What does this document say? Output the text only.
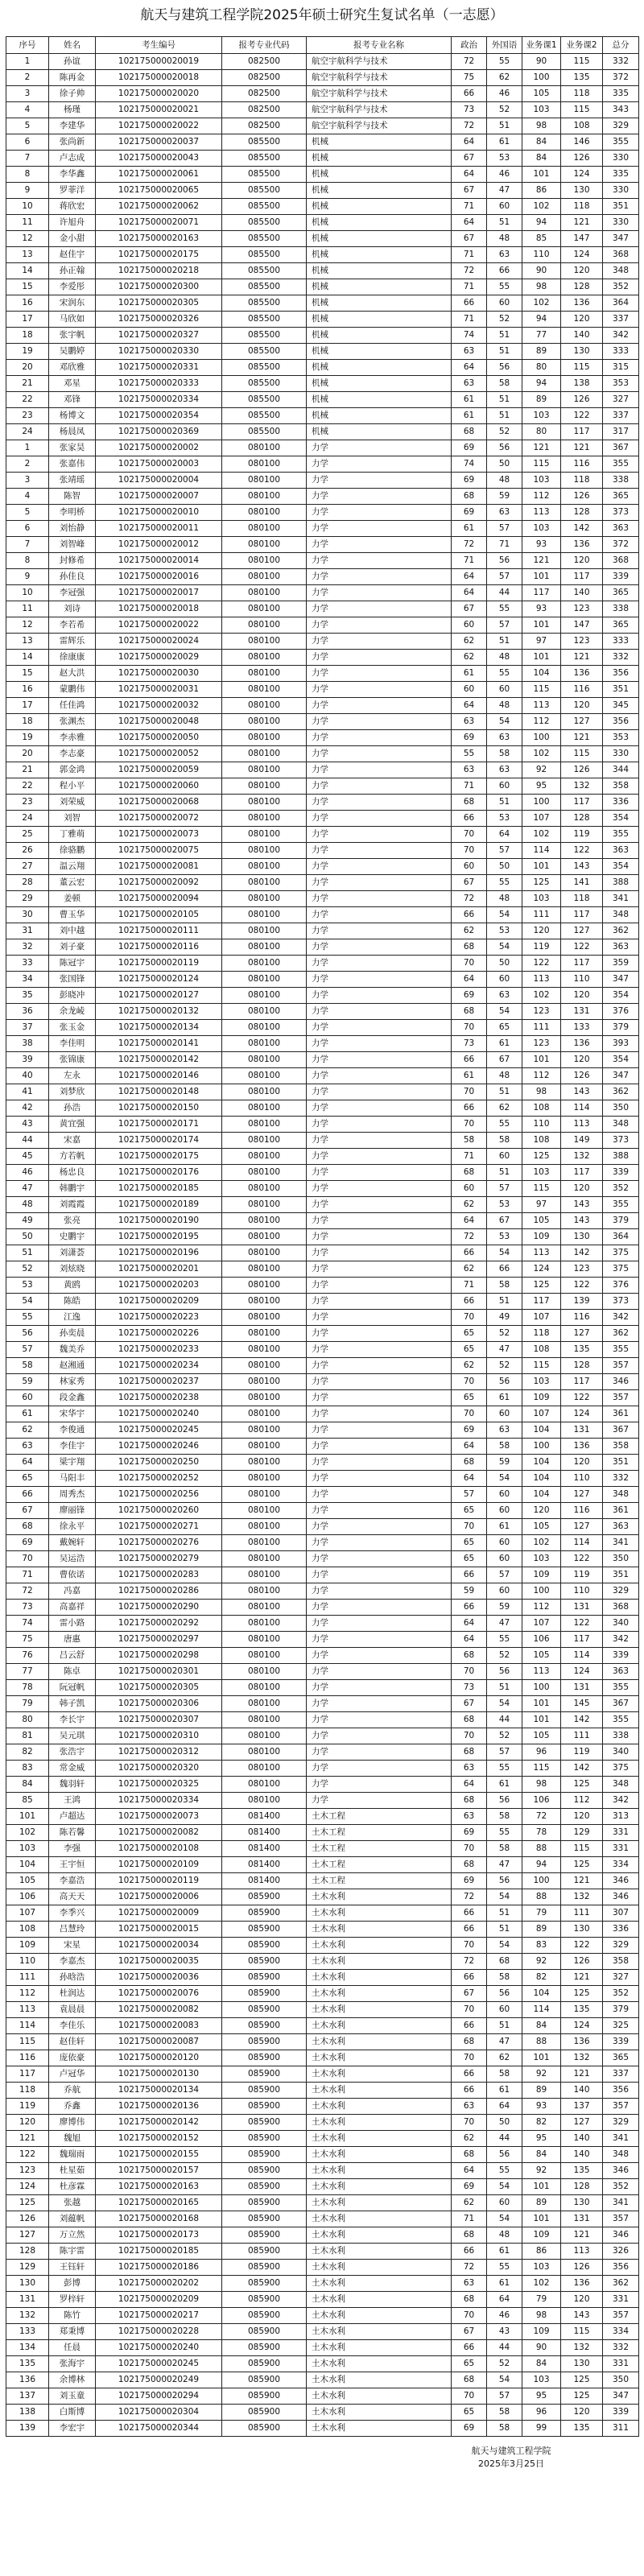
航天与建筑工程学院2025年硕士研究生复试名单（一志愿）
序号	姓名	考生编号	报考专业代码	报考专业名称	政治	外国语	业务课1	业务课2	总分
1	孙谊	102175000020019	082500	航空宇航科学与技术	72	55	90	115	332
2	陈再金	102175000020018	082500	航空宇航科学与技术	75	62	100	135	372
3	徐子帅	102175000020020	082500	航空宇航科学与技术	66	46	105	118	335
4	杨瑾	102175000020021	082500	航空宇航科学与技术	73	52	103	115	343
5	李建华	102175000020022	082500	航空宇航科学与技术	72	51	98	108	329
6	张尚新	102175000020037	085500	机械	64	61	84	146	355
7	卢志成	102175000020043	085500	机械	67	53	84	126	330
8	李华鑫	102175000020061	085500	机械	64	46	101	124	335
9	罗菲洋	102175000020065	085500	机械	67	47	86	130	330
10	蒋欣宏	102175000020062	085500	机械	71	60	102	118	351
11	许旭舟	102175000020071	085500	机械	64	51	94	121	330
12	金小甜	102175000020163	085500	机械	67	48	85	147	347
13	赵佳宇	102175000020175	085500	机械	71	63	110	124	368
14	孙正翰	102175000020218	085500	机械	72	66	90	120	348
15	李爱彤	102175000020300	085500	机械	71	55	98	128	352
16	宋润东	102175000020305	085500	机械	66	60	102	136	364
17	马欣如	102175000020326	085500	机械	71	52	94	120	337
18	张宇帆	102175000020327	085500	机械	74	51	77	140	342
19	吴鹏婷	102175000020330	085500	机械	63	51	89	130	333
20	邓欣雅	102175000020331	085500	机械	64	56	80	115	315
21	邓星	102175000020333	085500	机械	63	58	94	138	353
22	邓锋	102175000020334	085500	机械	61	51	89	126	327
23	杨博文	102175000020354	085500	机械	61	51	103	122	337
24	杨晨凤	102175000020369	085500	机械	68	52	80	117	317
1	张家昊	102175000020002	080100	力学	69	56	121	121	367
2	张嘉伟	102175000020003	080100	力学	74	50	115	116	355
3	张靖瑶	102175000020004	080100	力学	69	48	103	118	338
4	陈智	102175000020007	080100	力学	68	59	112	126	365
5	李明桥	102175000020010	080100	力学	69	63	113	128	373
6	刘怡静	102175000020011	080100	力学	61	57	103	142	363
7	刘智峰	102175000020012	080100	力学	72	71	93	136	372
8	封修希	102175000020014	080100	力学	71	56	121	120	368
9	孙佳良	102175000020016	080100	力学	64	57	101	117	339
10	李冠强	102175000020017	080100	力学	64	44	117	140	365
11	刘诗	102175000020018	080100	力学	67	55	93	123	338
12	李若希	102175000020022	080100	力学	60	57	101	147	365
13	雷辉乐	102175000020024	080100	力学	62	51	97	123	333
14	徐康康	102175000020029	080100	力学	62	48	101	121	332
15	赵大洪	102175000020030	080100	力学	61	55	104	136	356
16	蒙鹏伟	102175000020031	080100	力学	60	60	115	116	351
17	任佳鸿	102175000020032	080100	力学	64	48	113	120	345
18	张渊杰	102175000020048	080100	力学	63	54	112	127	356
19	李赤雅	102175000020050	080100	力学	69	63	100	121	353
20	李志豪	102175000020052	080100	力学	55	58	102	115	330
21	郭金鸿	102175000020059	080100	力学	63	63	92	126	344
22	程小平	102175000020060	080100	力学	71	60	95	132	358
23	刘荣威	102175000020068	080100	力学	68	51	100	117	336
24	刘智	102175000020072	080100	力学	66	53	107	128	354
25	丁雅萌	102175000020073	080100	力学	70	64	102	119	355
26	徐骆鹏	102175000020075	080100	力学	70	57	114	122	363
27	温云翔	102175000020081	080100	力学	60	50	101	143	354
28	董云宏	102175000020092	080100	力学	67	55	125	141	388
29	姜顿	102175000020094	080100	力学	72	48	103	118	341
30	曹玉华	102175000020105	080100	力学	66	54	111	117	348
31	刘中越	102175000020111	080100	力学	62	53	120	127	362
32	刘子豪	102175000020116	080100	力学	68	54	119	122	363
33	陈冠宇	102175000020119	080100	力学	70	50	122	117	359
34	张国锋	102175000020124	080100	力学	64	60	113	110	347
35	彭晓冲	102175000020127	080100	力学	69	63	102	120	354
36	余龙崚	102175000020132	080100	力学	68	54	123	131	376
37	张玉金	102175000020134	080100	力学	70	65	111	133	379
38	李佳明	102175000020141	080100	力学	73	61	123	136	393
39	张锦康	102175000020142	080100	力学	66	67	101	120	354
40	左永	102175000020146	080100	力学	61	48	112	126	347
41	刘梦欣	102175000020148	080100	力学	70	51	98	143	362
42	孙浩	102175000020150	080100	力学	66	62	108	114	350
43	黄宜强	102175000020171	080100	力学	70	55	110	113	348
44	宋嘉	102175000020174	080100	力学	58	58	108	149	373
45	方若帆	102175000020175	080100	力学	71	60	125	132	388
46	杨忠良	102175000020176	080100	力学	68	51	103	117	339
47	韩鹏宇	102175000020185	080100	力学	60	57	115	120	352
48	刘霞霞	102175000020189	080100	力学	62	53	97	143	355
49	张亮	102175000020190	080100	力学	64	67	105	143	379
50	史鹏宇	102175000020195	080100	力学	72	53	109	130	364
51	刘潇荟	102175000020196	080100	力学	66	54	113	142	375
52	刘炫晓	102175000020201	080100	力学	62	66	124	123	375
53	黄鸥	102175000020203	080100	力学	71	58	125	122	376
54	陈皓	102175000020209	080100	力学	66	51	117	139	373
55	江逸	102175000020223	080100	力学	70	49	107	116	342
56	孙奕晨	102175000020226	080100	力学	65	52	118	127	362
57	魏美乔	102175000020233	080100	力学	65	47	108	135	355
58	赵湘通	102175000020234	080100	力学	62	52	115	128	357
59	林家秀	102175000020237	080100	力学	70	56	103	117	346
60	段金鑫	102175000020238	080100	力学	65	61	109	122	357
61	宋华宇	102175000020240	080100	力学	70	60	107	124	361
62	李俊通	102175000020245	080100	力学	69	63	104	131	367
63	李佳宇	102175000020246	080100	力学	64	58	100	136	358
64	梁宇翔	102175000020250	080100	力学	68	59	104	120	351
65	马阳丰	102175000020252	080100	力学	64	54	104	110	332
66	周秀杰	102175000020256	080100	力学	57	60	104	127	348
67	廖丽锋	102175000020260	080100	力学	65	60	120	116	361
68	徐永平	102175000020271	080100	力学	70	61	105	127	363
69	戴婉轩	102175000020276	080100	力学	65	60	102	114	341
70	吴运浩	102175000020279	080100	力学	65	60	103	122	350
71	曹依诺	102175000020283	080100	力学	66	57	109	119	351
72	冯嘉	102175000020286	080100	力学	59	60	100	110	329
73	高嘉祥	102175000020290	080100	力学	66	59	112	131	368
74	雷小路	102175000020292	080100	力学	64	47	107	122	340
75	唐惠	102175000020297	080100	力学	64	55	106	117	342
76	吕云舒	102175000020298	080100	力学	68	52	105	114	339
77	陈卓	102175000020301	080100	力学	70	56	113	124	363
78	阮冠帆	102175000020305	080100	力学	73	51	100	131	355
79	韩子凯	102175000020306	080100	力学	67	54	101	145	367
80	李长宇	102175000020307	080100	力学	68	44	101	142	355
81	吴元琪	102175000020310	080100	力学	70	52	105	111	338
82	张浩宇	102175000020312	080100	力学	68	57	96	119	340
83	常金威	102175000020320	080100	力学	63	55	115	142	375
84	魏羽轩	102175000020325	080100	力学	64	61	98	125	348
85	王鸿	102175000020334	080100	力学	68	56	106	112	342
101	卢超达	102175000020073	081400	土木工程	63	58	72	120	313
102	陈若馨	102175000020082	081400	土木工程	69	55	78	129	331
103	李强	102175000020108	081400	土木工程	70	58	88	115	331
104	王宇恒	102175000020109	081400	土木工程	68	47	94	125	334
105	李嘉浩	102175000020119	081400	土木工程	69	56	100	121	346
106	高天天	102175000020006	085900	土木水利	72	54	88	132	346
107	李季兴	102175000020009	085900	土木水利	66	51	79	111	307
108	吕慧玲	102175000020015	085900	土木水利	66	51	89	130	336
109	宋星	102175000020034	085900	土木水利	70	54	83	122	329
110	李嘉杰	102175000020035	085900	土木水利	72	68	92	126	358
111	孙晗浩	102175000020036	085900	土木水利	66	58	82	121	327
112	杜润达	102175000020076	085900	土木水利	67	56	104	125	352
113	袁晨晨	102175000020082	085900	土木水利	70	60	114	135	379
114	李佳乐	102175000020083	085900	土木水利	66	51	84	124	325
115	赵佳轩	102175000020087	085900	土木水利	68	47	88	136	339
116	庞依豪	102175000020120	085900	土木水利	70	62	101	132	365
117	卢冠华	102175000020130	085900	土木水利	66	58	92	121	337
118	乔航	102175000020134	085900	土木水利	66	61	89	140	356
119	乔鑫	102175000020136	085900	土木水利	63	64	93	137	357
120	廖博伟	102175000020142	085900	土木水利	70	50	82	127	329
121	魏旭	102175000020152	085900	土木水利	62	44	95	140	341
122	魏瑞雨	102175000020155	085900	土木水利	68	56	84	140	348
123	杜星茹	102175000020157	085900	土木水利	64	55	92	135	346
124	杜彦霖	102175000020163	085900	土木水利	69	54	101	128	352
125	张越	102175000020165	085900	土木水利	62	60	89	130	341
126	刘蕴帆	102175000020168	085900	土木水利	71	54	101	131	357
127	万立然	102175000020173	085900	土木水利	68	48	109	121	346
128	陈宇雷	102175000020185	085900	土木水利	66	61	86	113	326
129	王钰轩	102175000020186	085900	土木水利	72	55	103	126	356
130	彭博	102175000020202	085900	土木水利	63	61	102	136	362
131	罗梓轩	102175000020209	085900	土木水利	68	64	79	120	331
132	陈竹	102175000020217	085900	土木水利	70	46	98	143	357
133	郑秉博	102175000020228	085900	土木水利	67	43	109	115	334
134	任晨	102175000020240	085900	土木水利	66	44	90	132	332
135	张海宇	102175000020245	085900	土木水利	65	52	84	130	331
136	余博林	102175000020249	085900	土木水利	68	54	103	125	350
137	刘玉童	102175000020294	085900	土木水利	70	57	95	125	347
138	白斯博	102175000020304	085900	土木水利	65	58	96	120	339
139	李宏宇	102175000020344	085900	土木水利	69	58	99	135	311
航天与建筑工程学院
2025年3月25日
